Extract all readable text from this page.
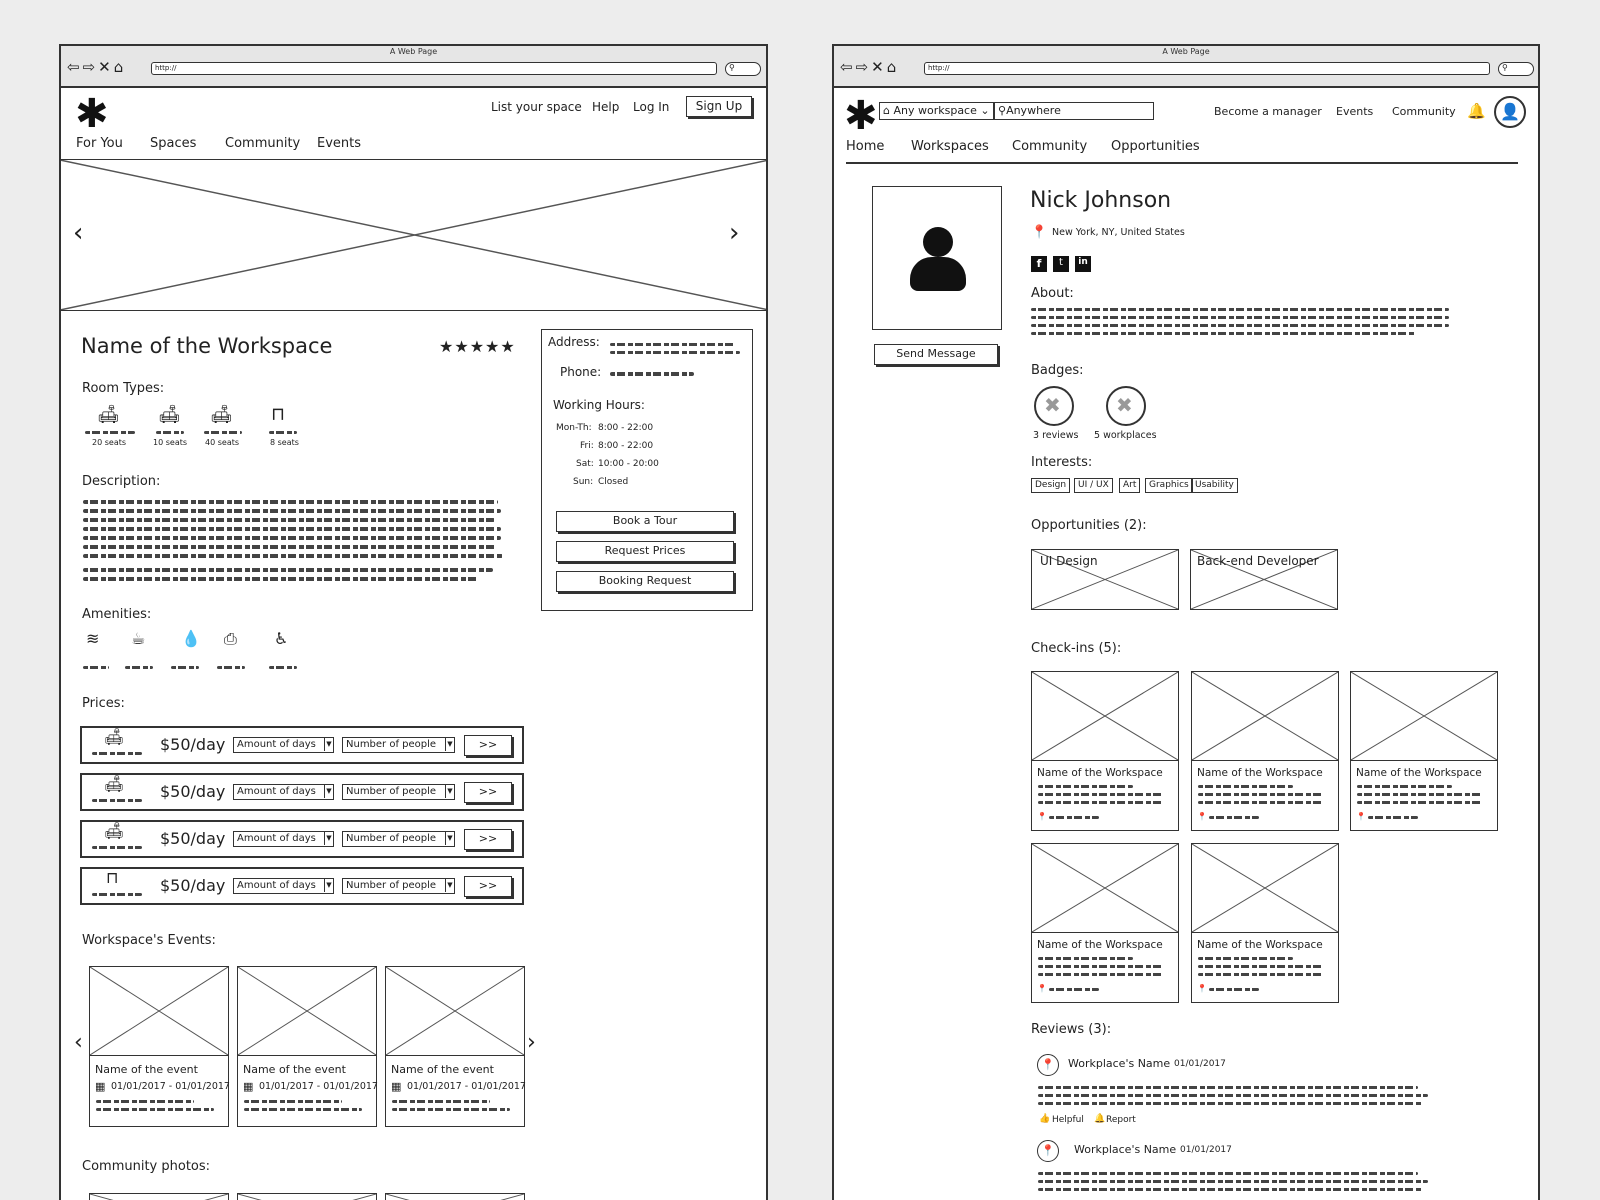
A Web Page
⇦⇨✕⌂	http://	⚲
✱	List your space Help Log In	Sign Up
For You Spaces Community Events
‹	›
Name of the Workspace	★★★★★
Room Types:
🛋
20 seats
🛋
10 seats
🛋
40 seats
⊓
8 seats
Description:
Address:
Phone:
Working Hours:
Mon-Th: 8:00 - 22:00
Fri: 8:00 - 22:00
Sat: 10:00 - 20:00
Sun: Closed
Book a Tour
Request Prices
Booking Request
Amenities:
≋ ☕ 💧 ⎙ ♿
Prices:
🛋 $50/day	Amount of days	▼	Number of people	▼	>>
🛋 $50/day	Amount of days	▼	Number of people	▼	>>
🛋 $50/day	Amount of days	▼	Number of people	▼	>>
⊓	$50/day	Amount of days	▼	Number of people	▼	>>
Workspace's Events:
‹	›
Name of the event
▦ 01/01/2017 - 01/01/2017
Name of the event
▦ 01/01/2017 - 01/01/2017
Name of the event
▦ 01/01/2017 - 01/01/2017
Community photos:
A Web Page
⇦⇨✕⌂	http://	⚲
✱ ⌂ Any workspace ⌄ ⚲Anywhere	Become a manager Events Community 🔔 👤
Home Workspaces Community Opportunities
Send Message
Nick Johnson
📍 New York, NY, United States
f	t	in
About:
Badges:
✖
3 reviews
✖ 5 workplaces
Interests:
Design	UI / UX	Art	Graphics Usability
Opportunities (2):
UI Design	Back-end Developer
Check-ins (5):
Name of the Workspace
📍
Name of the Workspace
📍
Name of the Workspace
📍
Name of the Workspace
📍
Name of the Workspace
📍
Reviews (3):
📍	Workplace's Name 01/01/2017
👍 Helpful 🔔 Report
📍	Workplace's Name 01/01/2017
